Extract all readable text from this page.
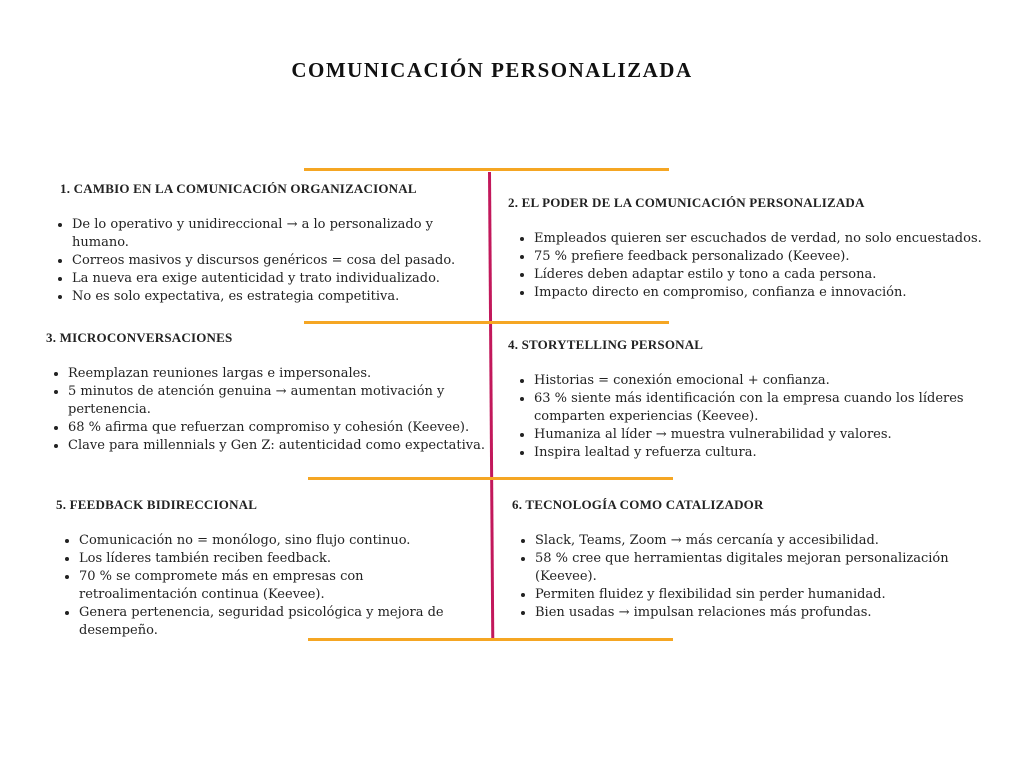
COMUNICACIÓN PERSONALIZADA
1. CAMBIO EN LA COMUNICACIÓN ORGANIZACIONAL
• De lo operativo y unidireccional → a lo personalizado y humano.
• Correos masivos y discursos genéricos = cosa del pasado.
• La nueva era exige autenticidad y trato individualizado.
• No es solo expectativa, es estrategia competitiva.
2. EL PODER DE LA COMUNICACIÓN PERSONALIZADA
• Empleados quieren ser escuchados de verdad, no solo encuestados.
• 75 % prefiere feedback personalizado (Keevee).
• Líderes deben adaptar estilo y tono a cada persona.
• Impacto directo en compromiso, confianza e innovación.
3. MICROCONVERSACIONES
• Reemplazan reuniones largas e impersonales.
• 5 minutos de atención genuina → aumentan motivación y pertenencia.
• 68 % afirma que refuerzan compromiso y cohesión (Keevee).
• Clave para millennials y Gen Z: autenticidad como expectativa.
4. STORYTELLING PERSONAL
• Historias = conexión emocional + confianza.
• 63 % siente más identificación con la empresa cuando los líderes comparten experiencias (Keevee).
• Humaniza al líder → muestra vulnerabilidad y valores.
• Inspira lealtad y refuerza cultura.
5. FEEDBACK BIDIRECCIONAL
• Comunicación no = monólogo, sino flujo continuo.
• Los líderes también reciben feedback.
• 70 % se compromete más en empresas con retroalimentación continua (Keevee).
• Genera pertenencia, seguridad psicológica y mejora de desempeño.
6. TECNOLOGÍA COMO CATALIZADOR
• Slack, Teams, Zoom → más cercanía y accesibilidad.
• 58 % cree que herramientas digitales mejoran personalización (Keevee).
• Permiten fluidez y flexibilidad sin perder humanidad.
• Bien usadas → impulsan relaciones más profundas.
